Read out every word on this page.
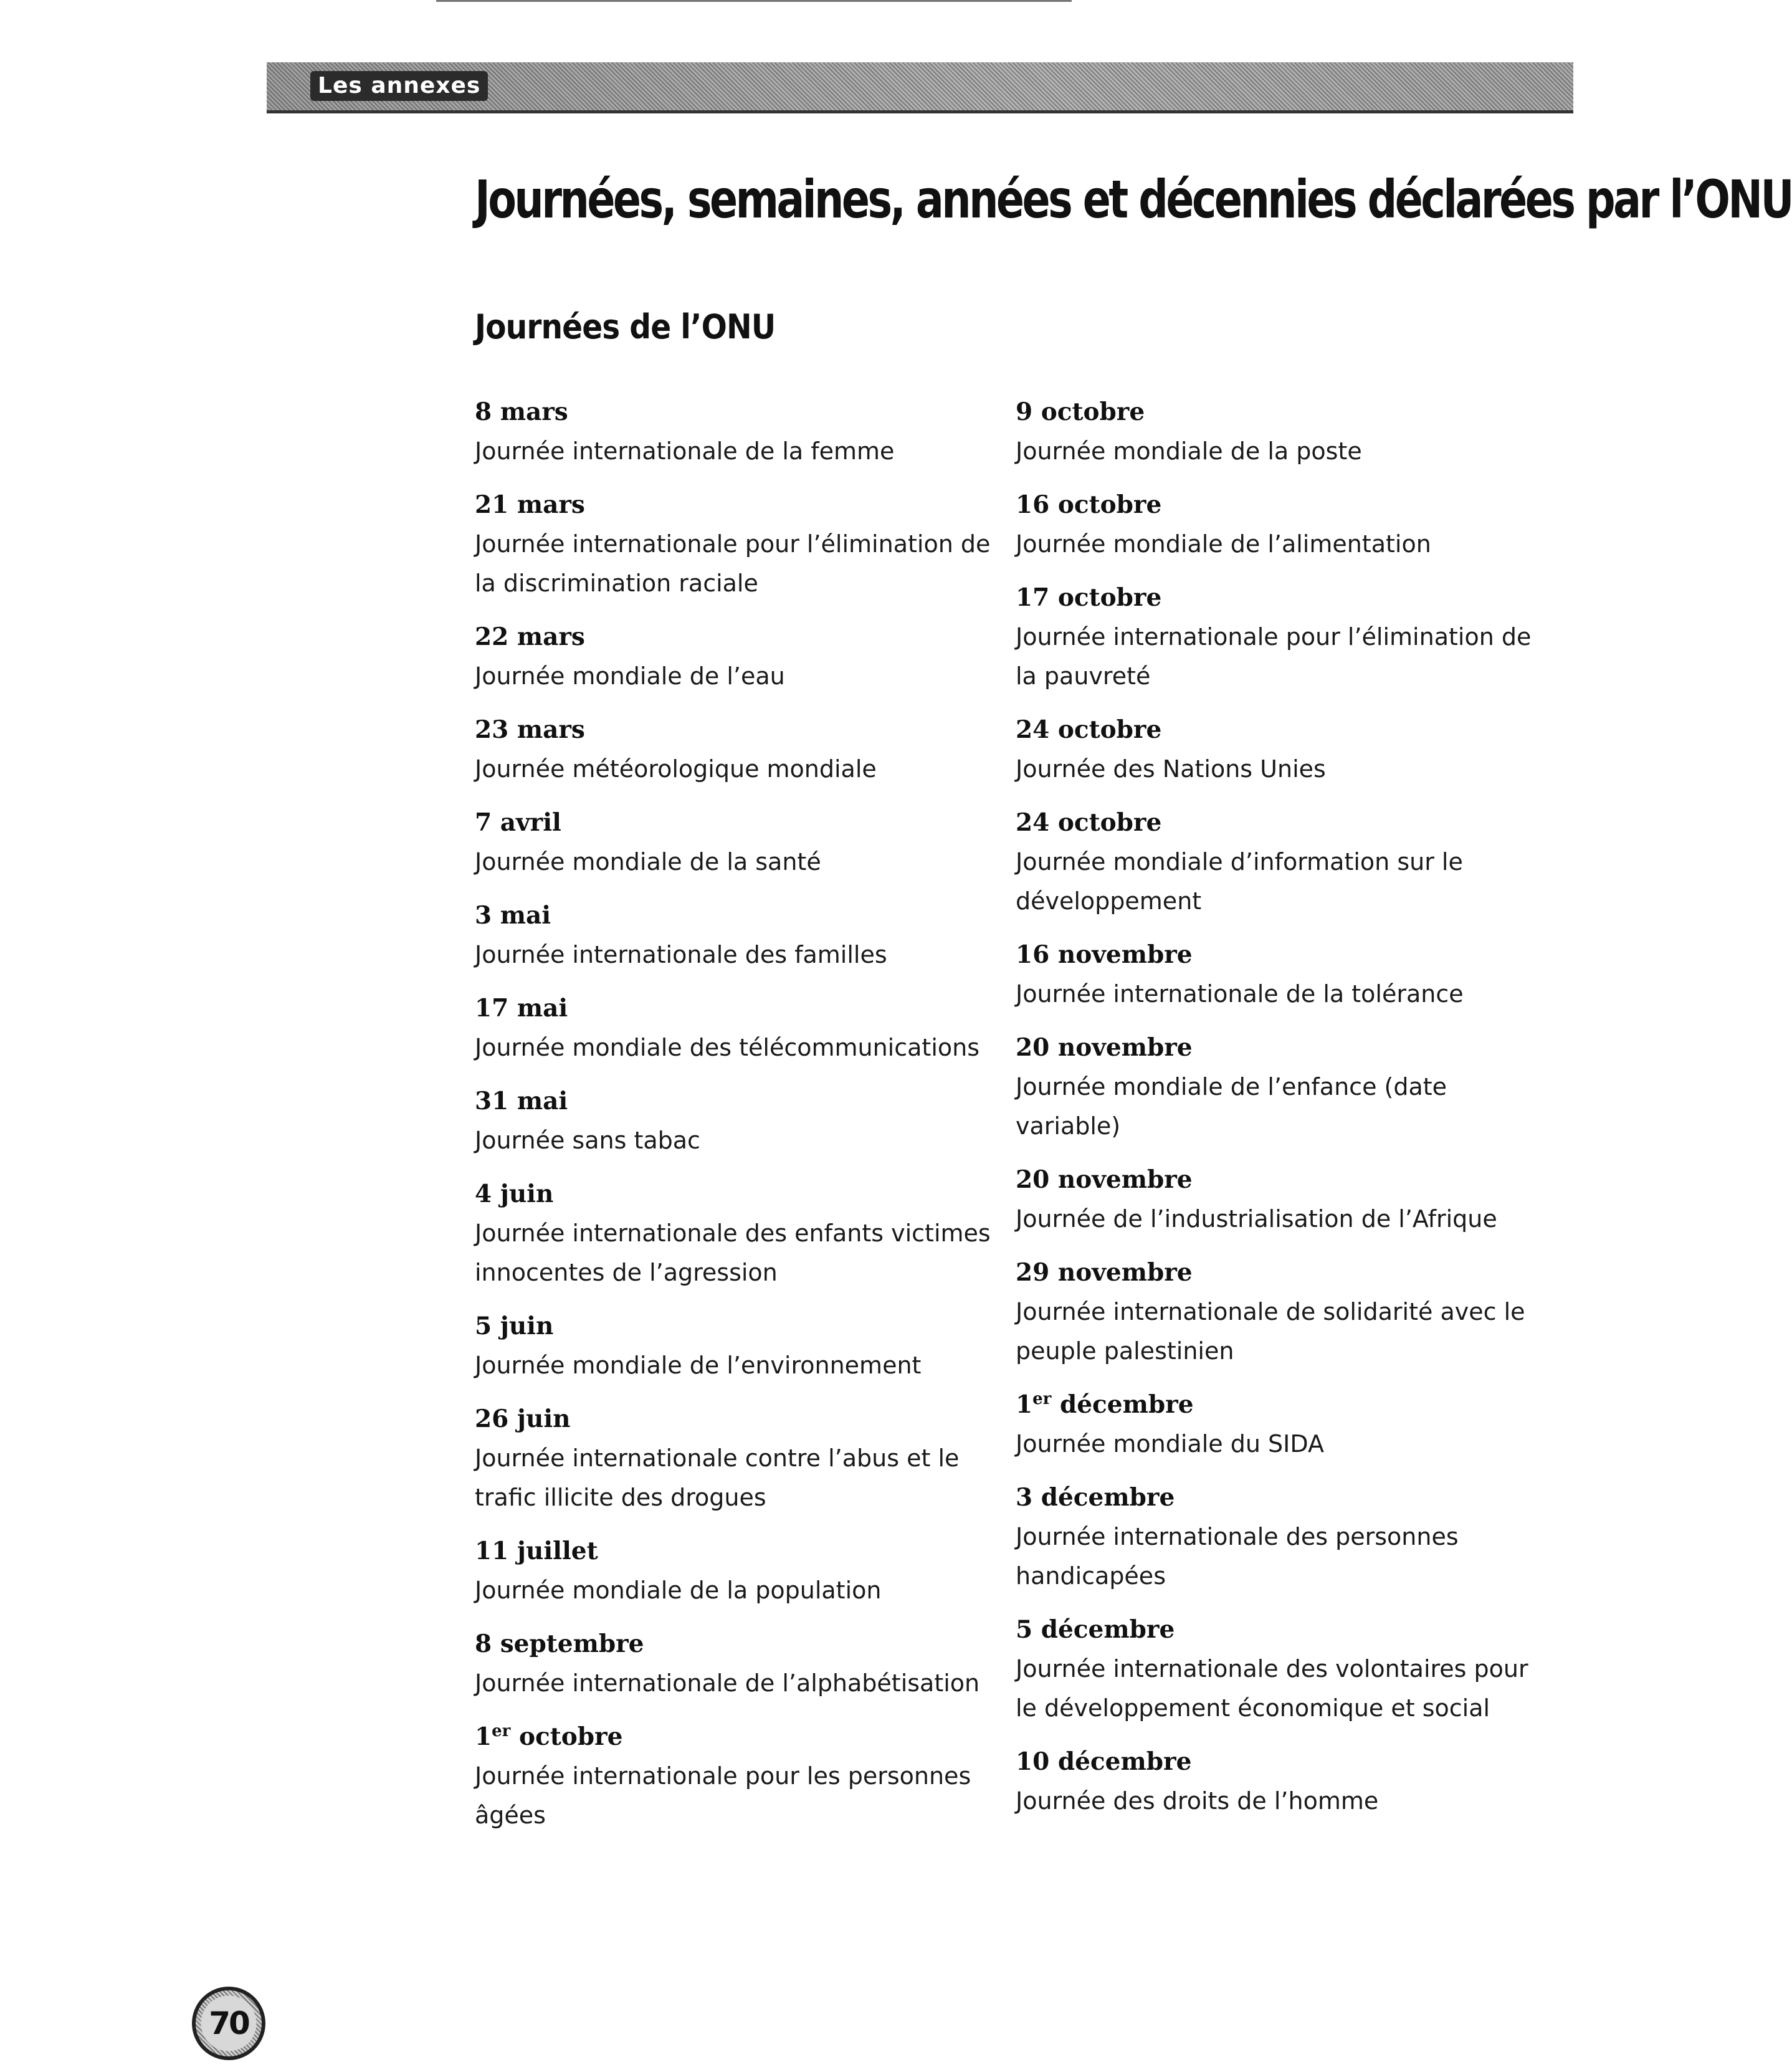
Les annexes
Journées, semaines, années et décennies déclarées par l’ONU
Journées de l’ONU
8 mars
Journée internationale de la femme
21 mars
Journée internationale pour l’élimination de la discrimination raciale
22 mars
Journée mondiale de l’eau
23 mars
Journée météorologique mondiale
7 avril
Journée mondiale de la santé
3 mai
Journée internationale des familles
17 mai
Journée mondiale des télécommunications
31 mai
Journée sans tabac
4 juin
Journée internationale des enfants victimes innocentes de l’agression
5 juin
Journée mondiale de l’environnement
26 juin
Journée internationale contre l’abus et le trafic illicite des drogues
11 juillet
Journée mondiale de la population
8 septembre
Journée internationale de l’alphabétisation
1er octobre
Journée internationale pour les personnes âgées
9 octobre
Journée mondiale de la poste
16 octobre
Journée mondiale de l’alimentation
17 octobre
Journée internationale pour l’élimination de la pauvreté
24 octobre
Journée des Nations Unies
24 octobre
Journée mondiale d’information sur le développement
16 novembre
Journée internationale de la tolérance
20 novembre
Journée mondiale de l’enfance (date variable)
20 novembre
Journée de l’industrialisation de l’Afrique
29 novembre
Journée internationale de solidarité avec le peuple palestinien
1er décembre
Journée mondiale du SIDA
3 décembre
Journée internationale des personnes handicapées
5 décembre
Journée internationale des volontaires pour le développement économique et social
10 décembre
Journée des droits de l’homme
70
